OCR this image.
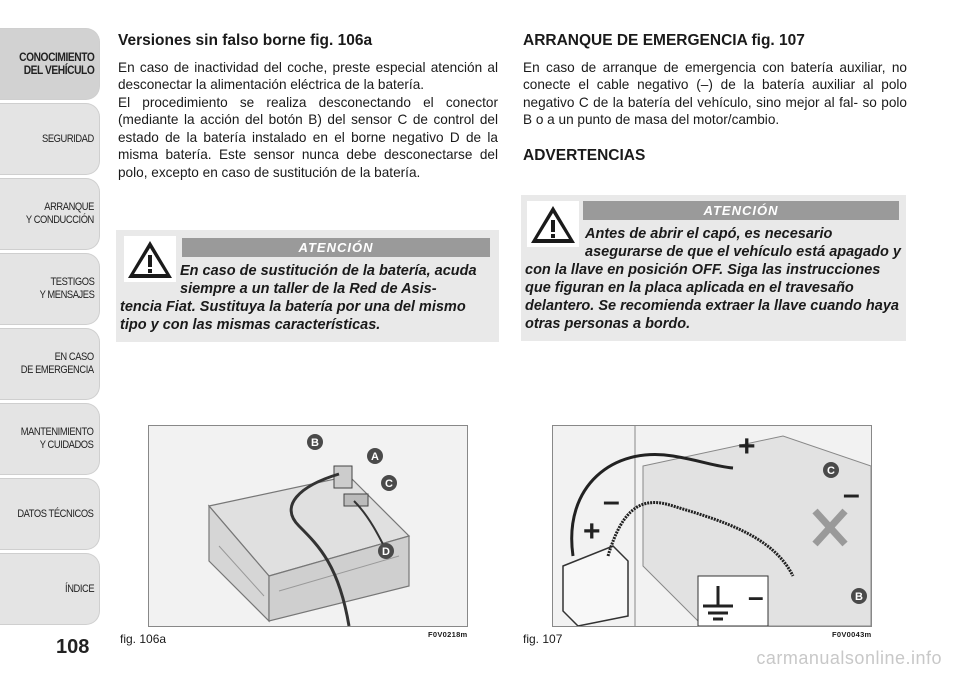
CONOCIMIENTO
DEL VEHÍCULO
SEGURIDAD
ARRANQUE
Y CONDUCCIÓN
TESTIGOS
Y MENSAJES
EN CASO
DE EMERGENCIA
MANTENIMIENTO
Y CUIDADOS
DATOS TÉCNICOS
ÍNDICE
108
Versiones sin falso borne fig. 106a

En caso de inactividad del coche, preste especial atención al desconectar la alimentación eléctrica de la batería.

El procedimiento se realiza desconectando el conector (mediante la acción del botón B) del sensor C de control del estado de la batería instalado en el borne negativo D de la misma batería. Este sensor nunca debe desconectarse del polo, excepto en caso de sustitución de la batería.

ATENCIÓN
En caso de sustitución de la batería, acuda siempre a un taller de la Red de Asis-
tencia Fiat. Sustituya la batería por una del mismo tipo y con las mismas características.
B
A
C
D
fig. 106a	F0V0218m
ARRANQUE DE EMERGENCIA fig. 107

En caso de arranque de emergencia con batería auxiliar, no conecte el cable negativo (–) de la batería auxiliar al polo negativo C de la batería del vehículo, sino mejor al fal- so polo B o a un punto de masa del motor/cambio.

ADVERTENCIAS
ATENCIÓN
Antes de abrir el capó, es necesario asegurarse de que el vehículo está apagado y
con la llave en posición OFF. Siga las instrucciones que figuran en la placa aplicada en el travesaño delantero. Se recomienda extraer la llave cuando haya otras personas a bordo.
–
+
–
+
–
C
B
fig. 107	F0V0043m
carmanualsonline.info
